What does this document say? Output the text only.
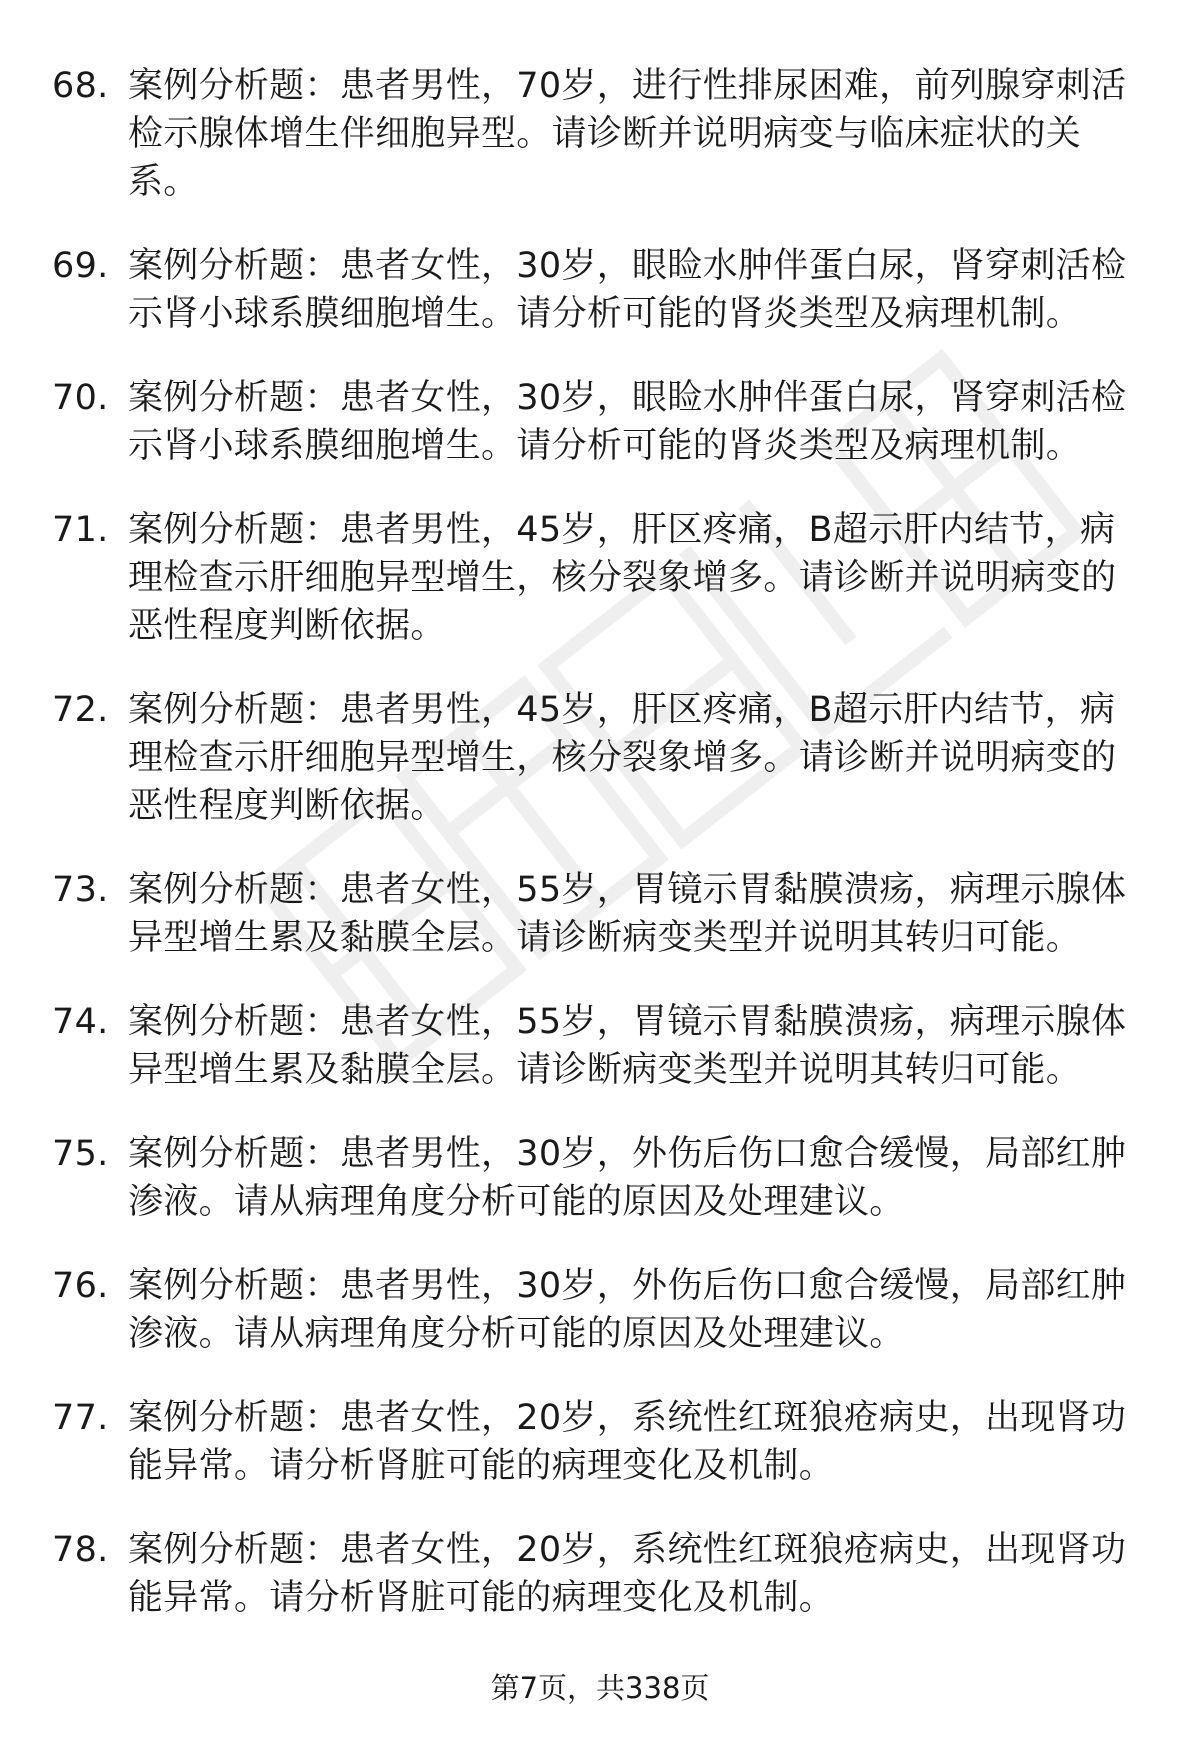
68. 案例分析题：患者男性，70岁，进行性排尿困难，前列腺穿刺活检示腺体增生伴细胞异型。请诊断并说明病变与临床症状的关系。
69. 案例分析题：患者女性，30岁，眼睑水肿伴蛋白尿，肾穿刺活检示肾小球系膜细胞增生。请分析可能的肾炎类型及病理机制。
70. 案例分析题：患者女性，30岁，眼睑水肿伴蛋白尿，肾穿刺活检示肾小球系膜细胞增生。请分析可能的肾炎类型及病理机制。
71. 案例分析题：患者男性，45岁，肝区疼痛，B超示肝内结节，病理检查示肝细胞异型增生，核分裂象增多。请诊断并说明病变的恶性程度判断依据。
72. 案例分析题：患者男性，45岁，肝区疼痛，B超示肝内结节，病理检查示肝细胞异型增生，核分裂象增多。请诊断并说明病变的恶性程度判断依据。
73. 案例分析题：患者女性，55岁，胃镜示胃黏膜溃疡，病理示腺体异型增生累及黏膜全层。请诊断病变类型并说明其转归可能。
74. 案例分析题：患者女性，55岁，胃镜示胃黏膜溃疡，病理示腺体异型增生累及黏膜全层。请诊断病变类型并说明其转归可能。
75. 案例分析题：患者男性，30岁，外伤后伤口愈合缓慢，局部红肿渗液。请从病理角度分析可能的原因及处理建议。
76. 案例分析题：患者男性，30岁，外伤后伤口愈合缓慢，局部红肿渗液。请从病理角度分析可能的原因及处理建议。
77. 案例分析题：患者女性，20岁，系统性红斑狼疮病史，出现肾功能异常。请分析肾脏可能的病理变化及机制。
78. 案例分析题：患者女性，20岁，系统性红斑狼疮病史，出现肾功能异常。请分析肾脏可能的病理变化及机制。
第7页，共338页
